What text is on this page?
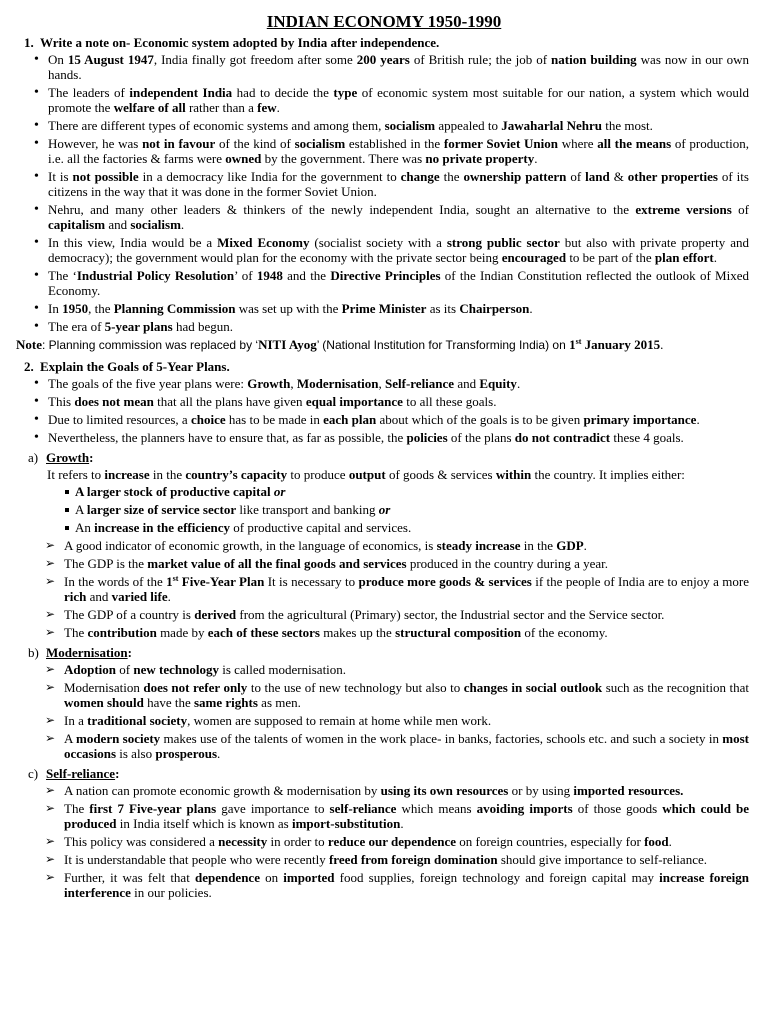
INDIAN ECONOMY 1950-1990
1. Write a note on- Economic system adopted by India after independence.
• On 15 August 1947, India finally got freedom after some 200 years of British rule; the job of nation building was now in our own hands.
• The leaders of independent India had to decide the type of economic system most suitable for our nation, a system which would promote the welfare of all rather than a few.
• There are different types of economic systems and among them, socialism appealed to Jawaharlal Nehru the most.
• However, he was not in favour of the kind of socialism established in the former Soviet Union where all the means of production, i.e. all the factories & farms were owned by the government. There was no private property.
• It is not possible in a democracy like India for the government to change the ownership pattern of land & other properties of its citizens in the way that it was done in the former Soviet Union.
• Nehru, and many other leaders & thinkers of the newly independent India, sought an alternative to the extreme versions of capitalism and socialism.
• In this view, India would be a Mixed Economy (socialist society with a strong public sector but also with private property and democracy); the government would plan for the economy with the private sector being encouraged to be part of the plan effort.
• The ‘Industrial Policy Resolution’ of 1948 and the Directive Principles of the Indian Constitution reflected the outlook of Mixed Economy.
• In 1950, the Planning Commission was set up with the Prime Minister as its Chairperson.
• The era of 5-year plans had begun.
Note: Planning commission was replaced by ‘NITI Ayog’ (National Institution for Transforming India) on 1st January 2015.
2. Explain the Goals of 5-Year Plans.
• The goals of the five year plans were: Growth, Modernisation, Self-reliance and Equity.
• This does not mean that all the plans have given equal importance to all these goals.
• Due to limited resources, a choice has to be made in each plan about which of the goals is to be given primary importance.
• Nevertheless, the planners have to ensure that, as far as possible, the policies of the plans do not contradict these 4 goals.
a) Growth:
It refers to increase in the country’s capacity to produce output of goods & services within the country. It implies either:
A larger stock of productive capital or
A larger size of service sector like transport and banking or
An increase in the efficiency of productive capital and services.
➢ A good indicator of economic growth, in the language of economics, is steady increase in the GDP.
➢ The GDP is the market value of all the final goods and services produced in the country during a year.
➢ In the words of the 1st Five-Year Plan It is necessary to produce more goods & services if the people of India are to enjoy a more rich and varied life.
➢ The GDP of a country is derived from the agricultural (Primary) sector, the Industrial sector and the Service sector.
➢ The contribution made by each of these sectors makes up the structural composition of the economy.
b) Modernisation:
➢ Adoption of new technology is called modernisation.
➢ Modernisation does not refer only to the use of new technology but also to changes in social outlook such as the recognition that women should have the same rights as men.
➢ In a traditional society, women are supposed to remain at home while men work.
➢ A modern society makes use of the talents of women in the work place- in banks, factories, schools etc. and such a society in most occasions is also prosperous.
c) Self-reliance:
➢ A nation can promote economic growth & modernisation by using its own resources or by using imported resources.
➢ The first 7 Five-year plans gave importance to self-reliance which means avoiding imports of those goods which could be produced in India itself which is known as import-substitution.
➢ This policy was considered a necessity in order to reduce our dependence on foreign countries, especially for food.
➢ It is understandable that people who were recently freed from foreign domination should give importance to self-reliance.
➢ Further, it was felt that dependence on imported food supplies, foreign technology and foreign capital may increase foreign interference in our policies.
